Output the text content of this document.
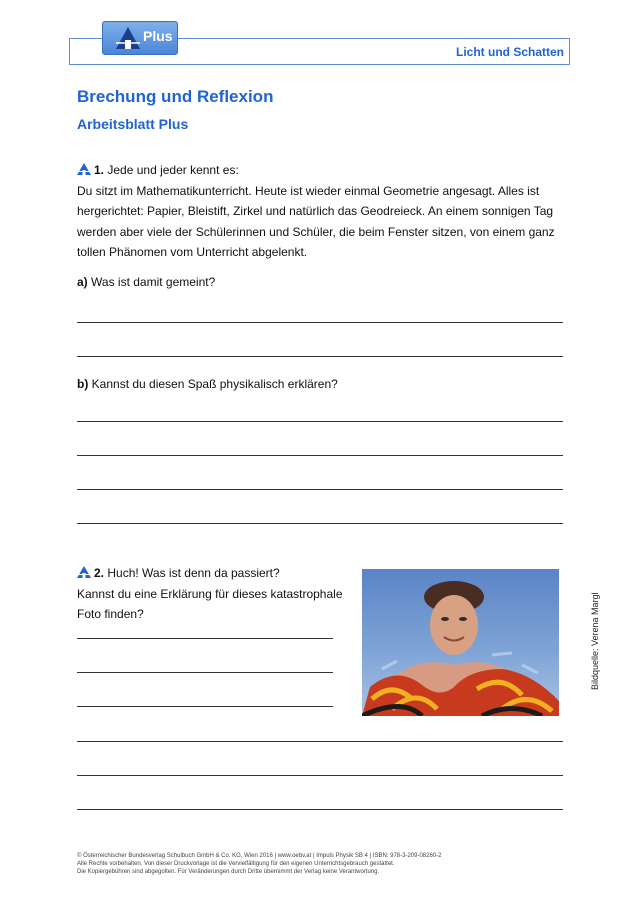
Plus
Licht und Schatten
Brechung und Reflexion
Arbeitsblatt Plus
1. Jede und jeder kennt es:
Du sitzt im Mathematikunterricht. Heute ist wieder einmal Geometrie angesagt. Alles ist
hergerichtet: Papier, Bleistift, Zirkel und natürlich das Geodreieck. An einem sonnigen Tag
werden aber viele der Schülerinnen und Schüler, die beim Fenster sitzen, von einem ganz
tollen Phänomen vom Unterricht abgelenkt.
a) Was ist damit gemeint?
b) Kannst du diesen Spaß physikalisch erklären?
2. Huch! Was ist denn da passiert?
Kannst du eine Erklärung für dieses katastrophale
Foto finden?	Bildquelle: Verena Margl
© Österreichischer Bundesverlag Schulbuch GmbH & Co. KG, Wien 2016 | www.oebv.at | Impuls Physik SB 4 | ISBN: 978-3-209-08260-2
Alle Rechte vorbehalten. Von dieser Druckvorlage ist die Vervielfältigung für den eigenen Unterrichtsgebrauch gestattet.
Die Kopiergebühren sind abgegolten. Für Veränderungen durch Dritte übernimmt der Verlag keine Verantwortung.
